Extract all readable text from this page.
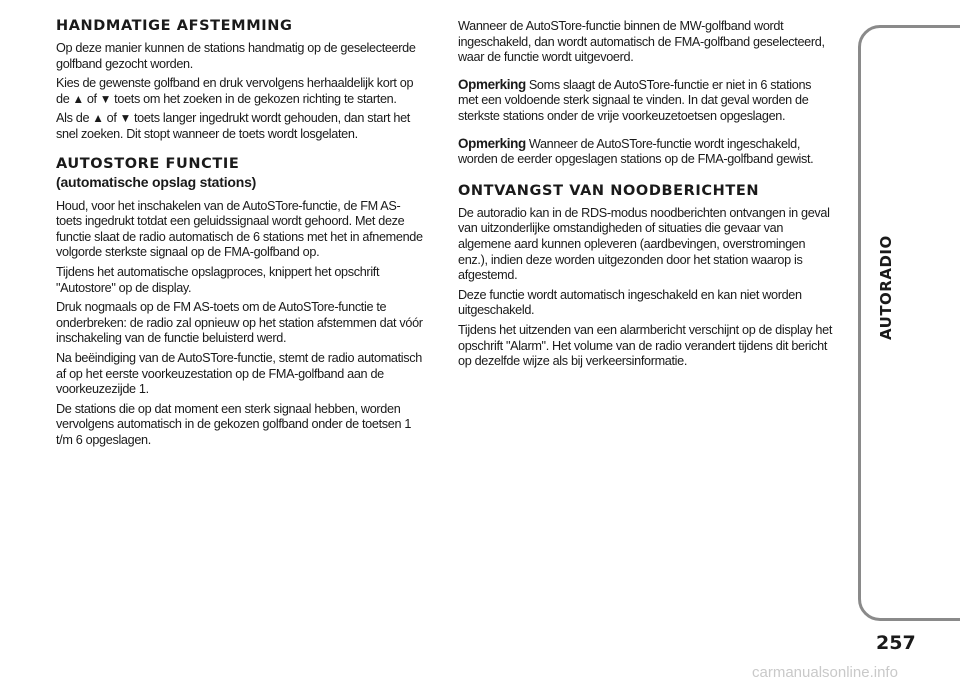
HANDMATIGE AFSTEMMING

Op deze manier kunnen de stations handmatig op de geselecteerde golfband gezocht worden.

Kies de gewenste golfband en druk vervolgens herhaaldelijk kort op de ▲ of ▼ toets om het zoeken in de gekozen richting te starten.

Als de ▲ of ▼ toets langer ingedrukt wordt gehouden, dan start het snel zoeken. Dit stopt wanneer de toets wordt losgelaten.

AUTOSTORE FUNCTIE
(automatische opslag stations)

Houd, voor het inschakelen van de AutoSTore-functie, de FM AS-toets ingedrukt totdat een geluidssignaal wordt gehoord. Met deze functie slaat de radio automatisch de 6 stations met het in afnemende volgorde sterkste signaal op de FMA-golfband op.

Tijdens het automatische opslagproces, knippert het opschrift "Autostore" op de display.

Druk nogmaals op de FM AS-toets om de AutoSTore-functie te onderbreken: de radio zal opnieuw op het station afstemmen dat vóór inschakeling van de functie beluisterd werd.

Na beëindiging van de AutoSTore-functie, stemt de radio automatisch af op het eerste voorkeuzestation op de FMA-golfband aan de voorkeuzezijde 1.

De stations die op dat moment een sterk signaal hebben, worden vervolgens automatisch in de gekozen golfband onder de toetsen 1 t/m 6 opgeslagen.

Wanneer de AutoSTore-functie binnen de MW-golfband wordt ingeschakeld, dan wordt automatisch de FMA-golfband geselecteerd, waar de functie wordt uitgevoerd.

Opmerking Soms slaagt de AutoSTore-functie er niet in 6 stations met een voldoende sterk signaal te vinden. In dat geval worden de sterkste stations onder de vrije voorkeuzetoetsen opgeslagen.

Opmerking Wanneer de AutoSTore-functie wordt ingeschakeld, worden de eerder opgeslagen stations op de FMA-golfband gewist.

ONTVANGST VAN NOODBERICHTEN

De autoradio kan in de RDS-modus noodberichten ontvangen in geval van uitzonderlijke omstandigheden of situaties die gevaar van algemene aard kunnen opleveren (aardbevingen, overstromingen enz.), indien deze worden uitgezonden door het station waarop is afgestemd.

Deze functie wordt automatisch ingeschakeld en kan niet worden uitgeschakeld.

Tijdens het uitzenden van een alarmbericht verschijnt op de display het opschrift "Alarm". Het volume van de radio verandert tijdens dit bericht op dezelfde wijze als bij verkeersinformatie.

AUTORADIO
257
carmanualsonline.info
